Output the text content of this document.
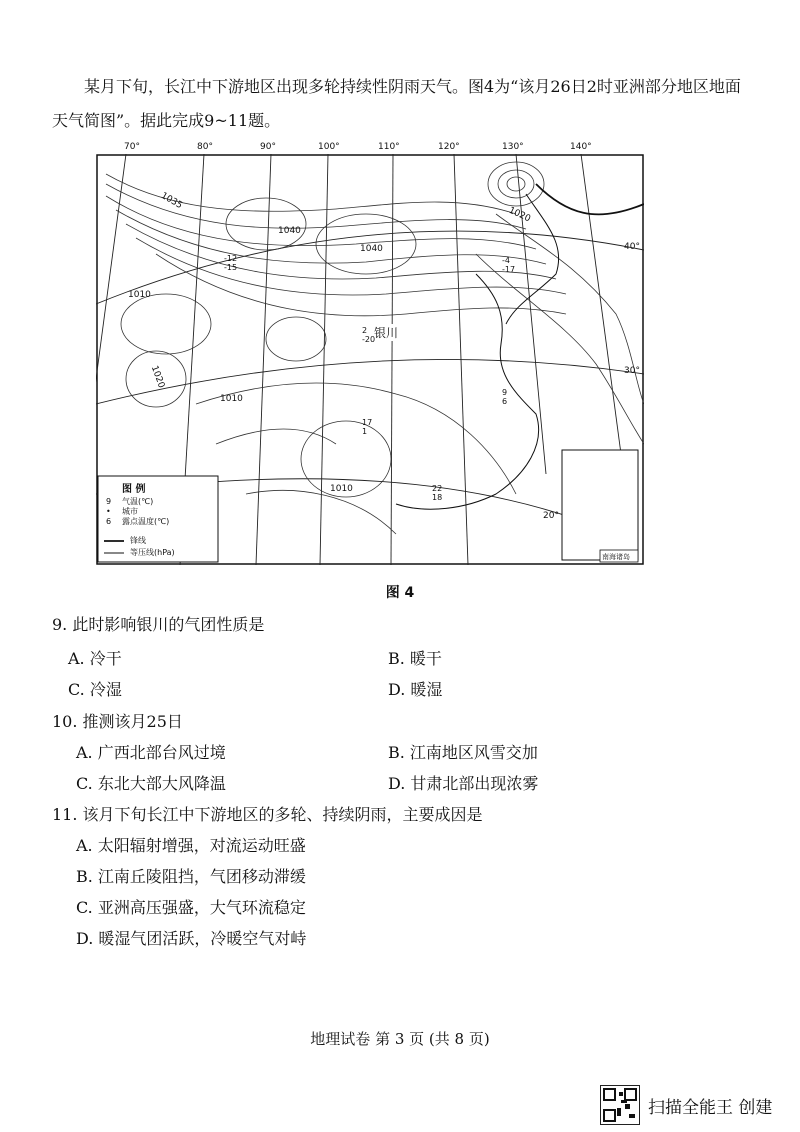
某月下旬，长江中下游地区出现多轮持续性阴雨天气。图4为“该月26日2时亚洲部分地区地面
天气简图”。据此完成9~11题。
70°	80°	90°	100°	110°	120°	130°	140°
40°
30°
20°
1035
1040
1040
1020
1010
1020
1010
1010
银川
-12
-15
-4
-17
2
-20
9
6
17
1
22
18
图 例
9
•
6
气温(℃)
城市
露点温度(℃)
锋线
等压线(hPa)	南海诸岛
图 4
9. 此时影响银川的气团性质是
A. 冷干	B. 暖干
C. 冷湿	D. 暖湿
10. 推测该月25日
A. 广西北部台风过境	B. 江南地区风雪交加
C. 东北大部大风降温	D. 甘肃北部出现浓雾
11. 该月下旬长江中下游地区的多轮、持续阴雨，主要成因是
A. 太阳辐射增强，对流运动旺盛
B. 江南丘陵阻挡，气团移动滞缓
C. 亚洲高压强盛，大气环流稳定
D. 暖湿气团活跃，冷暖空气对峙
地理试卷 第 3 页 (共 8 页)
扫描全能王 创建
